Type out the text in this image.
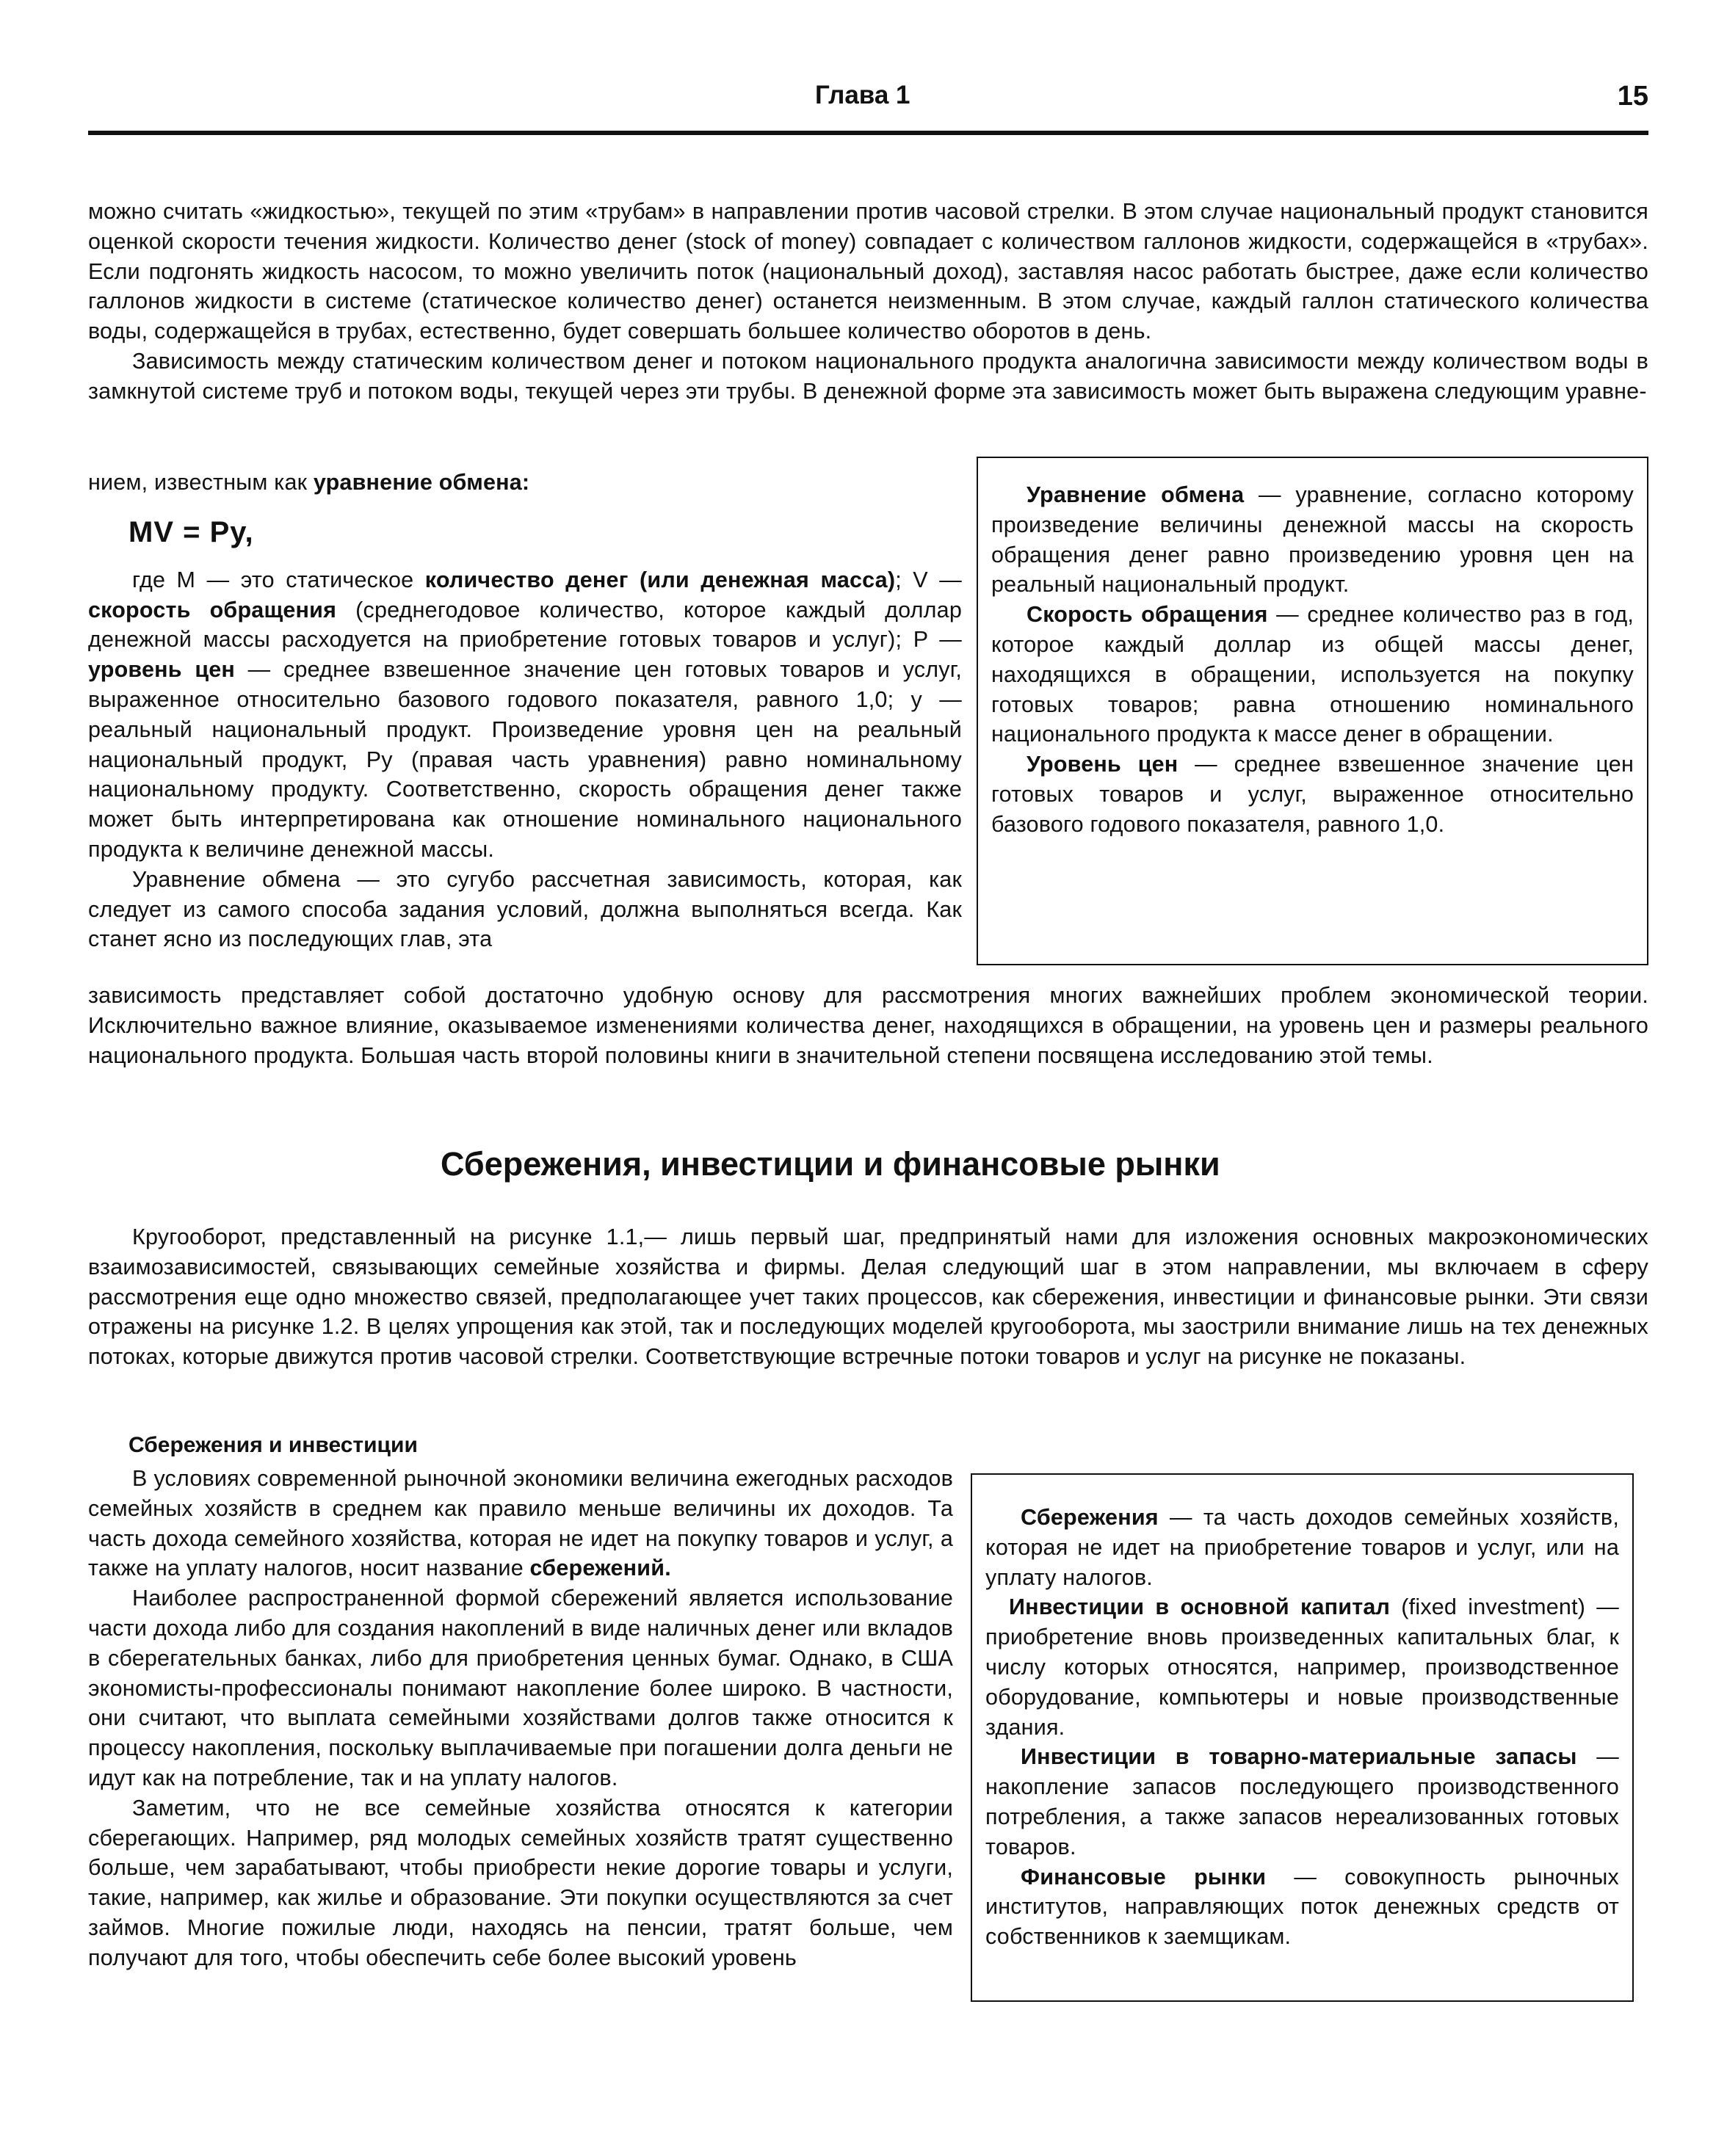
Глава 1	15

можно считать «жидкостью», текущей по этим «трубам» в направлении против часовой стрелки. В этом случае национальный продукт становится оценкой скорости течения жидкости. Количество денег (stock of money) совпадает с количеством галлонов жидкости, содержащейся в «трубах». Если подгонять жидкость насосом, то можно увеличить поток (национальный доход), заставляя насос работать быстрее, даже если количество галлонов жидкости в системе (статическое количество денег) останется неизменным. В этом случае, каждый галлон статического количества воды, содержащейся в трубах, естественно, будет совершать большее количество оборотов в день.

Зависимость между статическим количеством денег и потоком национального продукта аналогична зависимости между количеством воды в замкнутой системе труб и потоком воды, текущей через эти трубы. В денежной форме эта зависимость может быть выражена следующим уравне-

нием, известным как уравнение обмена:

MV = Py,

где M — это статическое количество денег (или денежная масса); V — скорость обращения (среднегодовое количество, которое каждый доллар денежной массы расходуется на приобретение готовых товаров и услуг); P —уровень цен — среднее взвешенное значение цен готовых товаров и услуг, выраженное относительно базового годового показателя, равного 1,0; y — реальный национальный продукт. Произведение уровня цен на реальный национальный продукт, Py (правая часть уравнения) равно номинальному национальному продукту. Соответственно, скорость обращения денег также может быть интерпретирована как отношение номинального национального продукта к величине денежной массы.

Уравнение обмена — это сугубо рассчетная зависимость, которая, как следует из самого способа задания условий, должна выполняться всегда. Как станет ясно из последующих глав, эта

Уравнение обмена — уравнение, согласно которому произведение величины денежной массы на скорость обращения денег равно произведению уровня цен на реальный национальный продукт.

Скорость обращения — среднее количество раз в год, которое каждый доллар из общей массы денег, находящихся в обращении, используется на покупку готовых товаров; равна отношению номинального национального продукта к массе денег в обращении.

Уровень цен — среднее взвешенное значение цен готовых товаров и услуг, выраженное относительно базового годового показателя, равного 1,0.

зависимость представляет собой достаточно удобную основу для рассмотрения многих важнейших проблем экономической теории. Исключительно важное влияние, оказываемое изменениями количества денег, находящихся в обращении, на уровень цен и размеры реального национального продукта. Большая часть второй половины книги в значительной степени посвящена исследованию этой темы.

Сбережения, инвестиции и финансовые рынки

Кругооборот, представленный на рисунке 1.1,— лишь первый шаг, предпринятый нами для изложения основных макроэкономических взаимозависимостей, связывающих семейные хозяйства и фирмы. Делая следующий шаг в этом направлении, мы включаем в сферу рассмотрения еще одно множество связей, предполагающее учет таких процессов, как сбережения, инвестиции и финансовые рынки. Эти связи отражены на рисунке 1.2. В целях упрощения как этой, так и последующих моделей кругооборота, мы заострили внимание лишь на тех денежных потоках, которые движутся против часовой стрелки. Соответствующие встречные потоки товаров и услуг на рисунке не показаны.

Сбережения и инвестиции

В условиях современной рыночной экономики величина ежегодных расходов семейных хозяйств в среднем как правило меньше величины их доходов. Та часть дохода семейного хозяйства, которая не идет на покупку товаров и услуг, а также на уплату налогов, носит название сбережений.

Наиболее распространенной формой сбережений является использование части дохода либо для создания накоплений в виде наличных денег или вкладов в сберегательных банках, либо для приобретения ценных бумаг. Однако, в США экономисты-профессионалы понимают накопление более широко. В частности, они считают, что выплата семейными хозяйствами долгов также относится к процессу накопления, поскольку выплачиваемые при погашении долга деньги не идут как на потребление, так и на уплату налогов.

Заметим, что не все семейные хозяйства относятся к категории сберегающих. Например, ряд молодых семейных хозяйств тратят существенно больше, чем зарабатывают, чтобы приобрести некие дорогие товары и услуги, такие, например, как жилье и образование. Эти покупки осуществляются за счет займов. Многие пожилые люди, находясь на пенсии, тратят больше, чем получают для того, чтобы обеспечить себе более высокий уровень

Сбережения — та часть доходов семейных хозяйств, которая не идет на приобретение товаров и услуг, или на уплату налогов.

Инвестиции в основной капитал (fixed investment) — приобретение вновь произведенных капитальных благ, к числу которых относятся, например, производственное оборудование, компьютеры и новые производственные здания.

Инвестиции в товарно-материальные запасы — накопление запасов последующего производственного потребления, а также запасов нереализованных готовых товаров.

Финансовые рынки — совокупность рыночных институтов, направляющих поток денежных средств от собственников к заемщикам.
